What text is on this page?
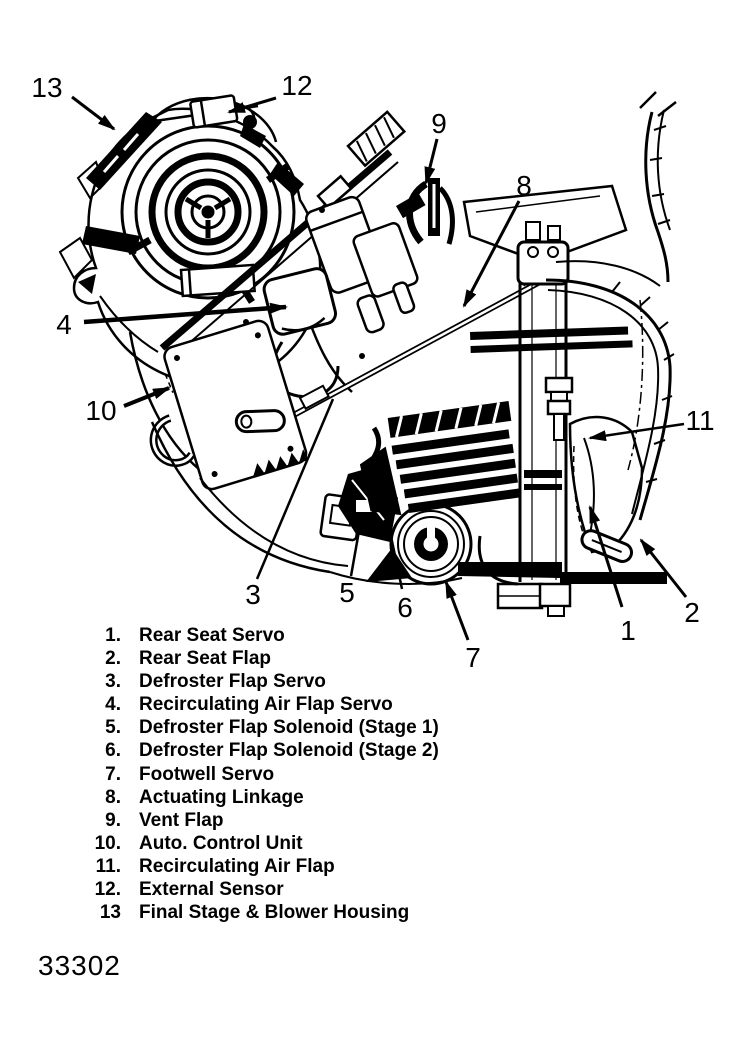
1
2
3
4
5 6
7
8
9
10	11
12
13
1. Rear Seat Servo
2. Rear Seat Flap
3. Defroster Flap Servo
4. Recirculating Air Flap Servo
5. Defroster Flap Solenoid (Stage 1)
6. Defroster Flap Solenoid (Stage 2)
7. Footwell Servo
8. Actuating Linkage
9. Vent Flap
10. Auto. Control Unit
11. Recirculating Air Flap
12. External Sensor
13 Final Stage & Blower Housing
33302
